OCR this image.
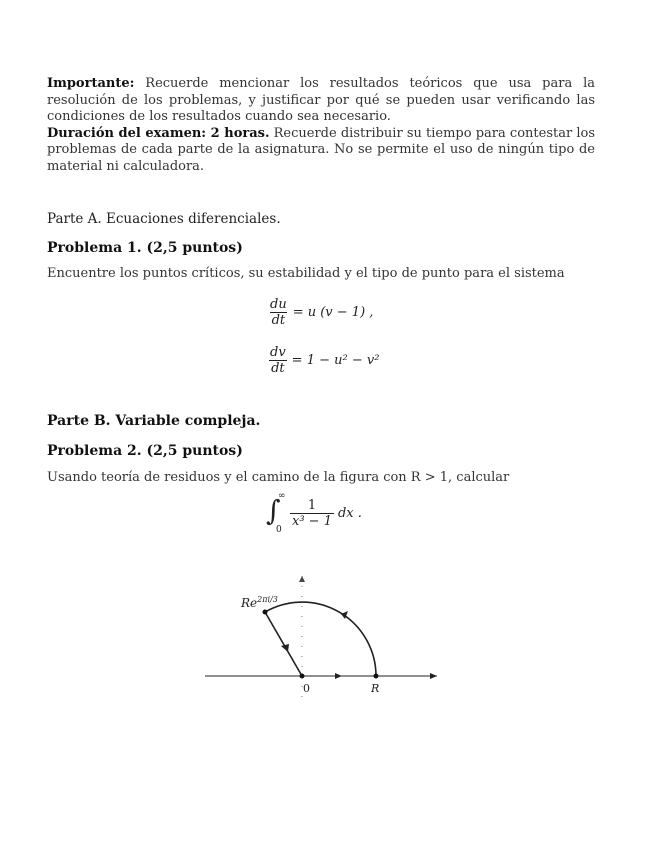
Importante: Recuerde mencionar los resultados teóricos que usa para la resolución de los problemas, y justificar por qué se pueden usar verificando las condiciones de los resultados cuando sea necesario.

Duración del examen: 2 horas. Recuerde distribuir su tiempo para contestar los problemas de cada parte de la asignatura. No se permite el uso de ningún tipo de material ni calculadora.

Parte A. Ecuaciones diferenciales.
Problema 1. (2,5 puntos)
Encuentre los puntos críticos, su estabilidad y el tipo de punto para el sistema
$\frac{du}{dt} = u$ (v − 1) ,
$\frac{dv}{dt} = 1 - u^2 - v^2$
Parte B. Variable compleja.
Problema 2. (2,5 puntos)
Usando teoría de residuos y el camino de la figura con R > 1, calcular
∫
∞
0
$\frac{1}{\text{x³ − 1}}$ dx .
$Re^{2\pi i/3}$
0	R
